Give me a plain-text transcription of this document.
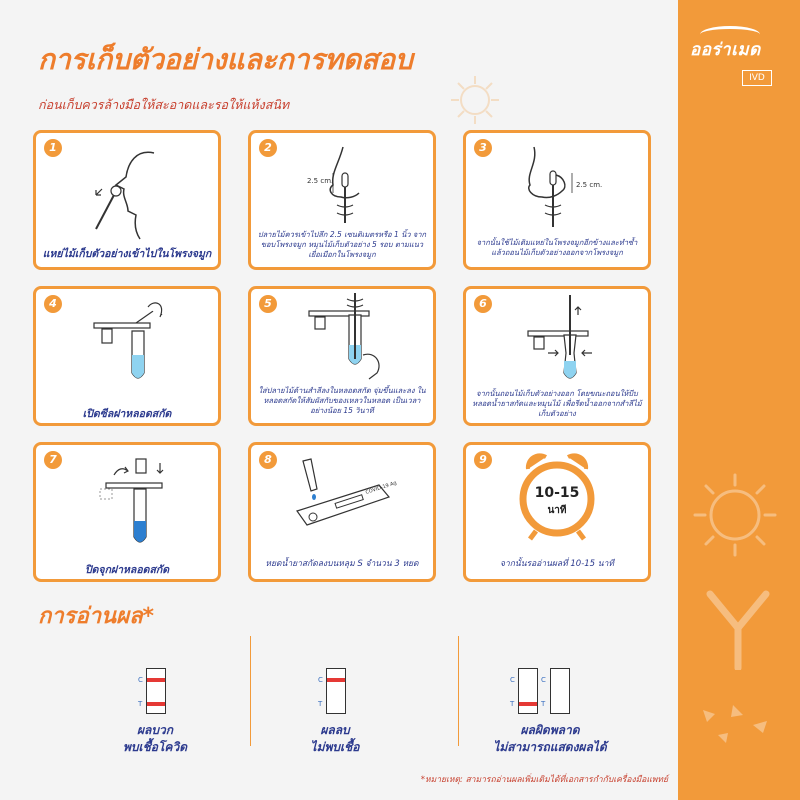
ออร่าเมด
IVD
การเก็บตัวอย่างและการทดสอบ
ก่อนเก็บควรล้างมือให้สะอาดและรอให้แห้งสนิท
1
แหย่ไม้เก็บตัวอย่างเข้าไปในโพรงจมูก
2
2.5 cm.
ปลายไม้ควรเข้าไปลึก 2.5 เซนติเมตรหรือ 1 นิ้ว จากขอบโพรงจมูก หมุนไม้เก็บตัวอย่าง 5 รอบ ตามแนวเยื่อเมือกในโพรงจมูก
3
2.5 cm.
จากนั้นใช้ไม้เดิมแหย่ในโพรงจมูกอีกข้างและทำซ้ำ แล้วถอนไม้เก็บตัวอย่างออกจากโพรงจมูก
4
เปิดซีลฝาหลอดสกัด
5
ใส่ปลายไม้ด้านสำลีลงในหลอดสกัด จุ่มขึ้นและลง ในหลอดสกัดให้สัมผัสกับของเหลวในหลอด เป็นเวลาอย่างน้อย 15 วินาที
6
จากนั้นถอนไม้เก็บตัวอย่างออก โดยขณะถอนให้บีบหลอดน้ำยาสกัดและหมุนไม้ เพื่อรีดน้ำออกจากสำลีไม้เก็บตัวอย่าง
7
ปิดจุกฝาหลอดสกัด
8
COVID-19 Ag
หยดน้ำยาสกัดลงบนหลุม S จำนวน 3 หยด
9
10-15
นาที
จากนั้นรออ่านผลที่ 10-15 นาที
การอ่านผล*
C
T
ผลบวก
พบเชื้อโควิด
C
T
ผลลบ
ไม่พบเชื้อ
C
T
C
T
ผลผิดพลาด
ไม่สามารถแสดงผลได้
*หมายเหตุ: สามารถอ่านผลเพิ่มเติมได้ที่เอกสารกำกับเครื่องมือแพทย์
